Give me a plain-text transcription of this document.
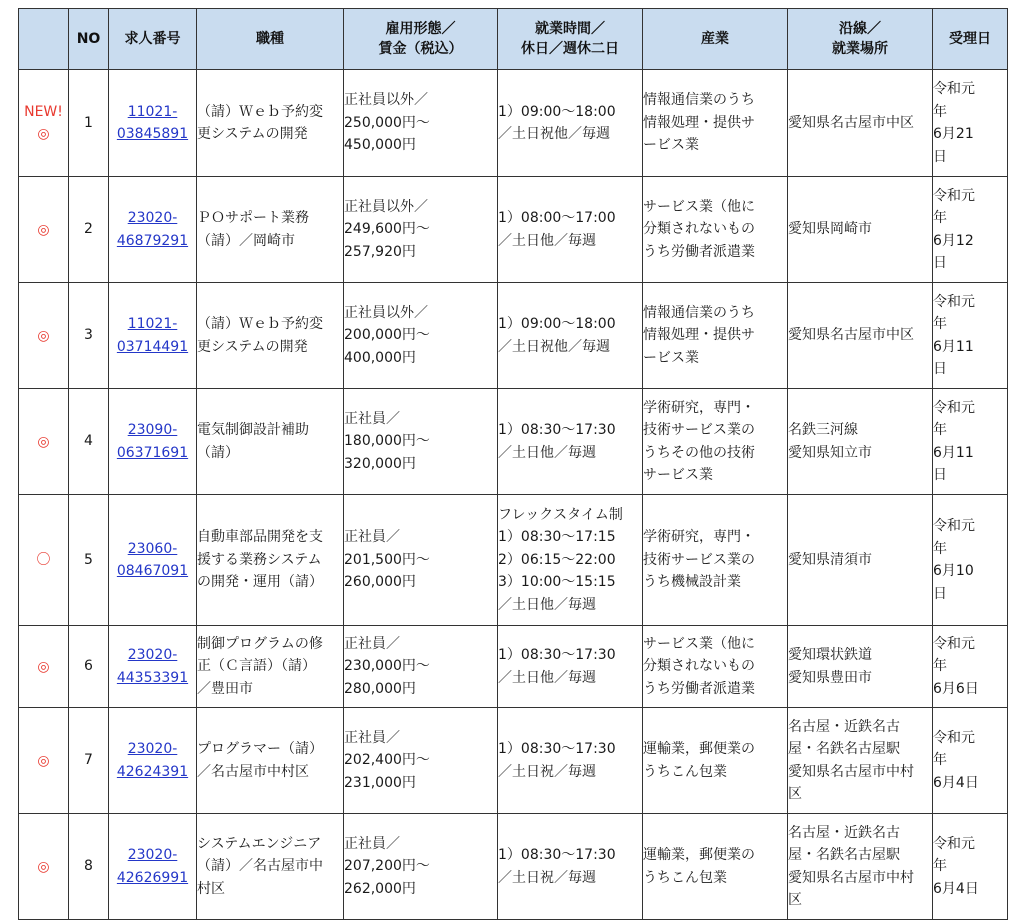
	NO	求人番号	職種	雇用形態／
賃金（税込）	就業時間／
休日／週休二日	産業	沿線／
就業場所	受理日

NEW!
◎	1	11021-
03845891	（請）Ｗｅｂ予約変
更システムの開発	正社員以外／
250,000円〜
450,000円	1）09:00〜18:00
／土日祝他／毎週	情報通信業のうち
情報処理・提供サ
ービス業	愛知県名古屋市中区	令和元
年
6月21
日

◎	2	23020-
46879291	ＰＯサポート業務
（請）／岡崎市	正社員以外／
249,600円〜
257,920円	1）08:00〜17:00
／土日他／毎週	サービス業（他に
分類されないもの
うち労働者派遣業	愛知県岡崎市	令和元
年
6月12
日

◎	3	11021-
03714491	（請）Ｗｅｂ予約変
更システムの開発	正社員以外／
200,000円〜
400,000円	1）09:00〜18:00
／土日祝他／毎週	情報通信業のうち
情報処理・提供サ
ービス業	愛知県名古屋市中区	令和元
年
6月11
日

◎	4	23090-
06371691	電気制御設計補助
（請）	正社員／
180,000円〜
320,000円	1）08:30〜17:30
／土日他／毎週	学術研究，専門・
技術サービス業の
うちその他の技術
サービス業	名鉄三河線
愛知県知立市	令和元
年
6月11
日

〇	5	23060-
08467091	自動車部品開発を支
援する業務システム
の開発・運用（請）	正社員／
201,500円〜
260,000円	フレックスタイム制
1）08:30〜17:15
2）06:15〜22:00
3）10:00〜15:15
／土日他／毎週	学術研究，専門・
技術サービス業の
うち機械設計業	愛知県清須市	令和元
年
6月10
日

◎	6	23020-
44353391	制御プログラムの修
正（Ｃ言語）（請）
／豊田市	正社員／
230,000円〜
280,000円	1）08:30〜17:30
／土日他／毎週	サービス業（他に
分類されないもの
うち労働者派遣業	愛知環状鉄道
愛知県豊田市	令和元
年
6月6日

◎	7	23020-
42624391	プログラマー（請）
／名古屋市中村区	正社員／
202,400円〜
231,000円	1）08:30〜17:30
／土日祝／毎週	運輸業，郵便業の
うちこん包業	名古屋・近鉄名古
屋・名鉄名古屋駅
愛知県名古屋市中村
区	令和元
年
6月4日

◎	8	23020-
42626991	システムエンジニア
（請）／名古屋市中
村区	正社員／
207,200円〜
262,000円	1）08:30〜17:30
／土日祝／毎週	運輸業，郵便業の
うちこん包業	名古屋・近鉄名古
屋・名鉄名古屋駅
愛知県名古屋市中村
区	令和元
年
6月4日
